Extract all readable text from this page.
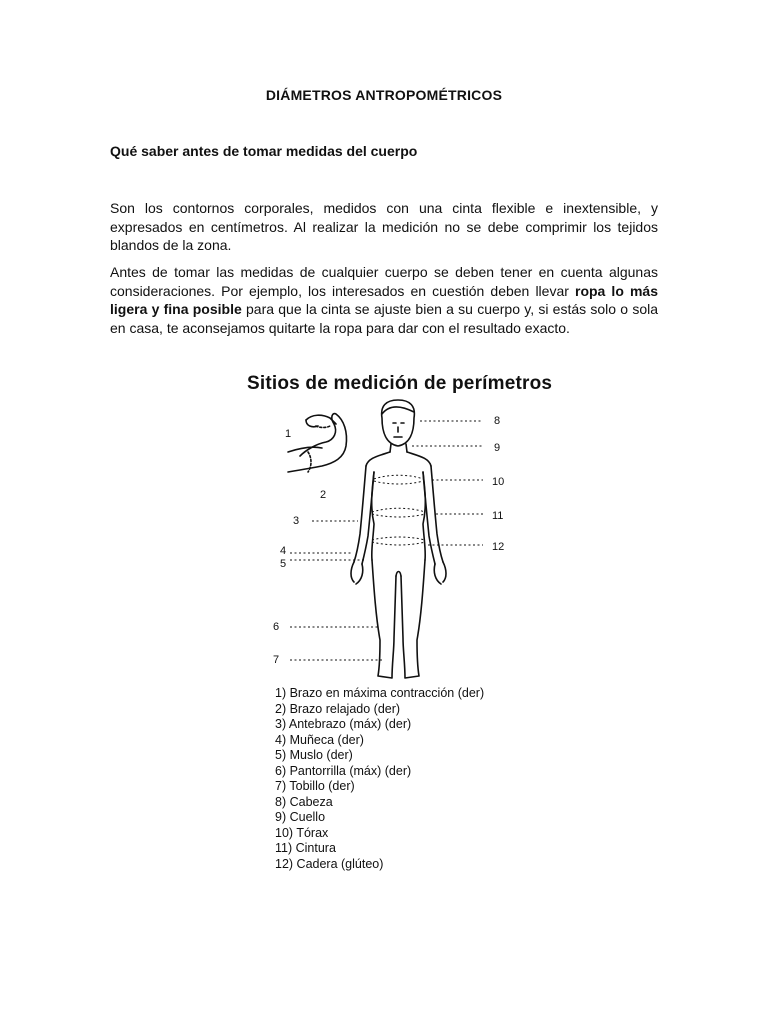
DIÁMETROS ANTROPOMÉTRICOS
Qué saber antes de tomar medidas del cuerpo
Son los contornos corporales, medidos con una cinta flexible e inextensible, y expresados en centímetros. Al realizar la medición no se debe comprimir los tejidos blandos de la zona.
Antes de tomar las medidas de cualquier cuerpo se deben tener en cuenta algunas consideraciones. Por ejemplo, los interesados en cuestión deben llevar ropa lo más ligera y fina posible para que la cinta se ajuste bien a su cuerpo y, si estás solo o sola en casa, te aconsejamos quitarte la ropa para dar con el resultado exacto.
Sitios de medición de perímetros
1
2
3
4
5
6
7
8
9
10
11
12
1) Brazo en máxima contracción (der)
2) Brazo relajado (der)
3) Antebrazo (máx) (der)
4) Muñeca (der)
5) Muslo (der)
6) Pantorrilla (máx) (der)
7) Tobillo (der)
8) Cabeza
9) Cuello
10) Tórax
11) Cintura
12) Cadera (glúteo)
